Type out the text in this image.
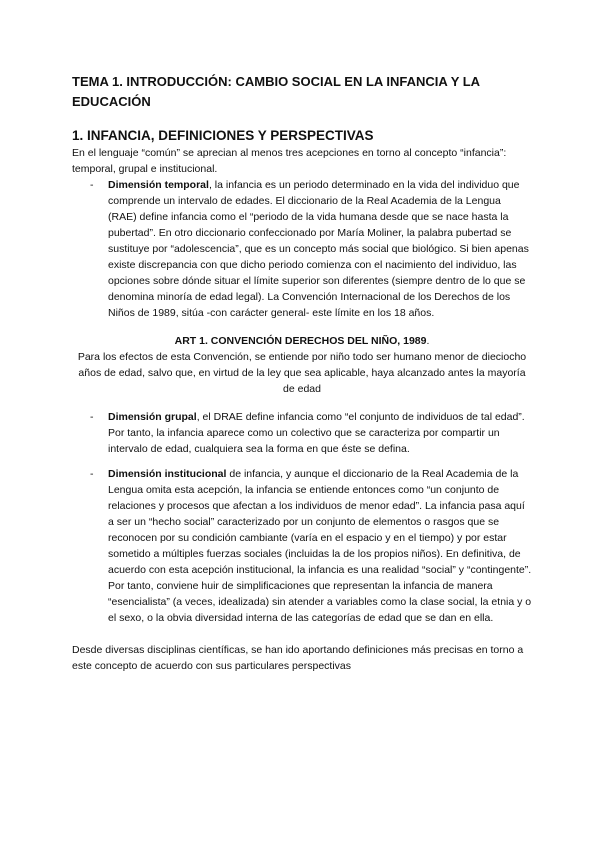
TEMA 1. INTRODUCCIÓN: CAMBIO SOCIAL EN LA INFANCIA Y LA EDUCACIÓN
1. INFANCIA, DEFINICIONES Y PERSPECTIVAS

En el lenguaje “común” se aprecian al menos tres acepciones en torno al concepto “infancia”: temporal, grupal e institucional.

- Dimensión temporal, la infancia es un periodo determinado en la vida del individuo que comprende un intervalo de edades. El diccionario de la Real Academia de la Lengua (RAE) define infancia como el “periodo de la vida humana desde que se nace hasta la pubertad”. En otro diccionario confeccionado por María Moliner, la palabra pubertad se sustituye por “adolescencia”, que es un concepto más social que biológico. Si bien apenas existe discrepancia con que dicho periodo comienza con el nacimiento del individuo, las opciones sobre dónde situar el límite superior son diferentes (siempre dentro de lo que se denomina minoría de edad legal). La Convención Internacional de los Derechos de los Niños de 1989, sitúa -con carácter general- este límite en los 18 años.
ART 1. CONVENCIÓN DERECHOS DEL NIÑO, 1989.
Para los efectos de esta Convención, se entiende por niño todo ser humano menor de dieciocho años de edad, salvo que, en virtud de la ley que sea aplicable, haya alcanzado antes la mayoría de edad
- Dimensión grupal, el DRAE define infancia como “el conjunto de individuos de tal edad”. Por tanto, la infancia aparece como un colectivo que se caracteriza por compartir un intervalo de edad, cualquiera sea la forma en que éste se defina.
- Dimensión institucional de infancia, y aunque el diccionario de la Real Academia de la Lengua omita esta acepción, la infancia se entiende entonces como “un conjunto de relaciones y procesos que afectan a los individuos de menor edad”. La infancia pasa aquí a ser un “hecho social” caracterizado por un conjunto de elementos o rasgos que se reconocen por su condición cambiante (varía en el espacio y en el tiempo) y por estar sometido a múltiples fuerzas sociales (incluidas la de los propios niños). En definitiva, de acuerdo con esta acepción institucional, la infancia es una realidad “social” y “contingente”. Por tanto, conviene huir de simplificaciones que representan la infancia de manera “esencialista” (a veces, idealizada) sin atender a variables como la clase social, la etnia y o el sexo, o la obvia diversidad interna de las categorías de edad que se dan en ella.

Desde diversas disciplinas científicas, se han ido aportando definiciones más precisas en torno a este concepto de acuerdo con sus particulares perspectivas
